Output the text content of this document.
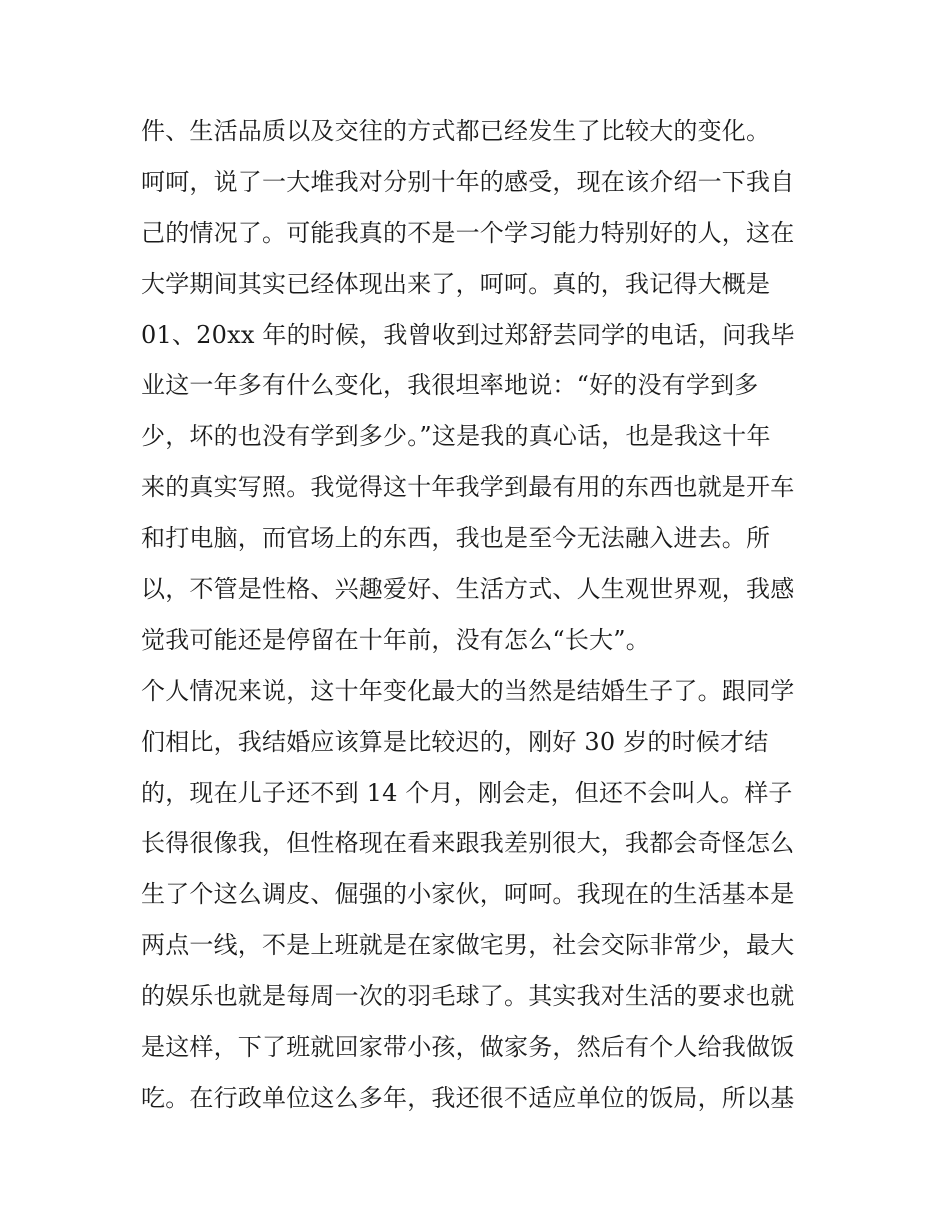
件、生活品质以及交往的方式都已经发生了比较大的变化。
呵呵，说了一大堆我对分别十年的感受，现在该介绍一下我自
己的情况了。可能我真的不是一个学习能力特别好的人，这在
大学期间其实已经体现出来了，呵呵。真的，我记得大概是
01、20xx 年的时候，我曾收到过郑舒芸同学的电话，问我毕
业这一年多有什么变化，我很坦率地说：“好的没有学到多
少，坏的也没有学到多少。”这是我的真心话，也是我这十年
来的真实写照。我觉得这十年我学到最有用的东西也就是开车
和打电脑，而官场上的东西，我也是至今无法融入进去。所
以，不管是性格、兴趣爱好、生活方式、人生观世界观，我感
觉我可能还是停留在十年前，没有怎么“长大”。
个人情况来说，这十年变化最大的当然是结婚生子了。跟同学
们相比，我结婚应该算是比较迟的，刚好 30 岁的时候才结
的，现在儿子还不到 14 个月，刚会走，但还不会叫人。样子
长得很像我，但性格现在看来跟我差别很大，我都会奇怪怎么
生了个这么调皮、倔强的小家伙，呵呵。我现在的生活基本是
两点一线，不是上班就是在家做宅男，社会交际非常少，最大
的娱乐也就是每周一次的羽毛球了。其实我对生活的要求也就
是这样，下了班就回家带小孩，做家务，然后有个人给我做饭
吃。在行政单位这么多年，我还很不适应单位的饭局，所以基
